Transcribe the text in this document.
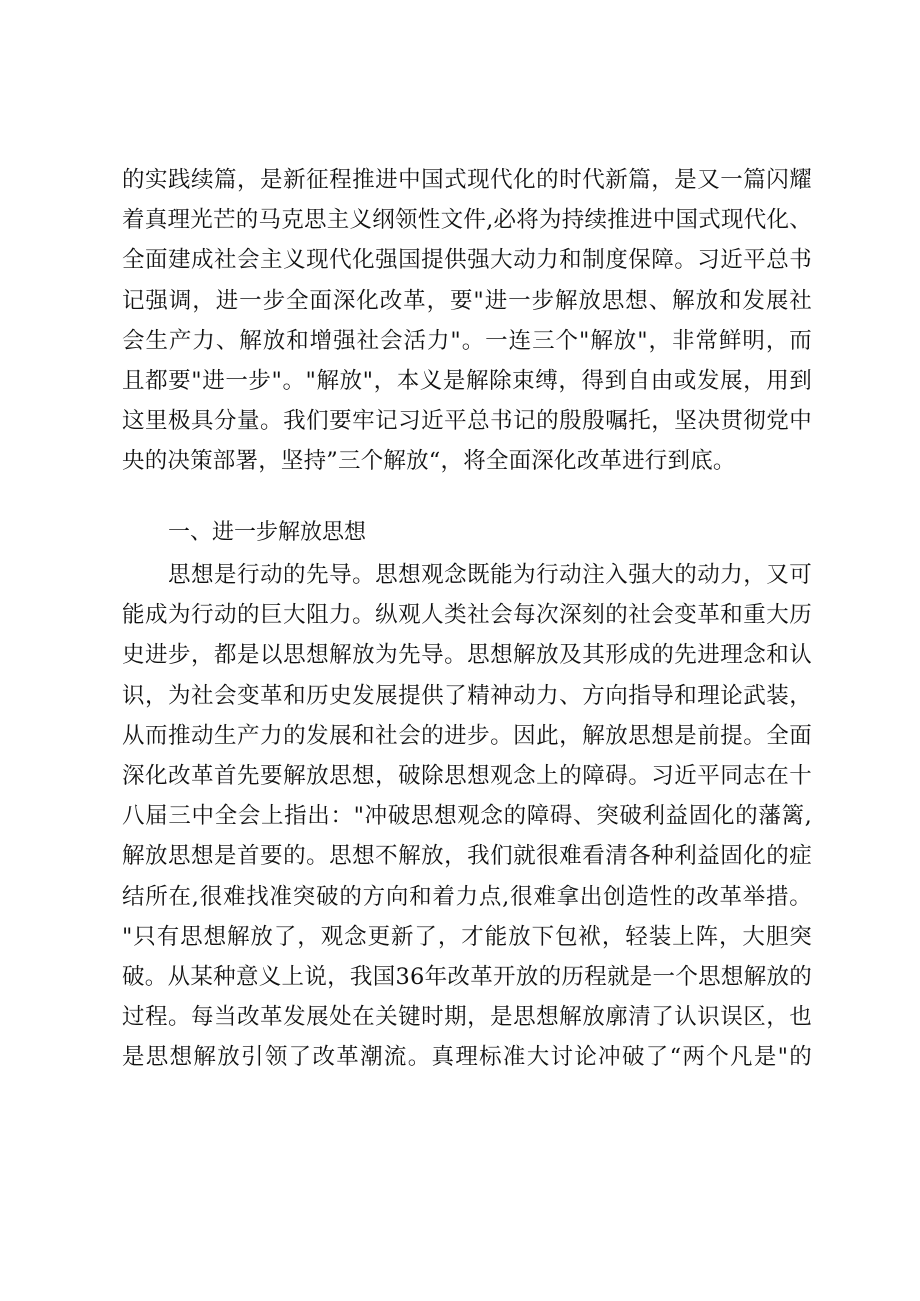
的实践续篇，是新征程推进中国式现代化的时代新篇，是又一篇闪耀
着真理光芒的马克思主义纲领性文件,必将为持续推进中国式现代化、
全面建成社会主义现代化强国提供强大动力和制度保障。习近平总书
记强调，进一步全面深化改革，要"进一步解放思想、解放和发展社
会生产力、解放和增强社会活力"。一连三个"解放"，非常鲜明，而
且都要"进一步"。"解放"，本义是解除束缚，得到自由或发展，用到
这里极具分量。我们要牢记习近平总书记的殷殷嘱托，坚决贯彻党中
央的决策部署，坚持”三个解放“，将全面深化改革进行到底。
一、进一步解放思想
思想是行动的先导。思想观念既能为行动注入强大的动力，又可
能成为行动的巨大阻力。纵观人类社会每次深刻的社会变革和重大历
史进步，都是以思想解放为先导。思想解放及其形成的先进理念和认
识，为社会变革和历史发展提供了精神动力、方向指导和理论武装，
从而推动生产力的发展和社会的进步。因此，解放思想是前提。全面
深化改革首先要解放思想，破除思想观念上的障碍。习近平同志在十
八届三中全会上指出："冲破思想观念的障碍、突破利益固化的藩篱,
解放思想是首要的。思想不解放，我们就很难看清各种利益固化的症
结所在,很难找准突破的方向和着力点,很难拿出创造性的改革举措。
"只有思想解放了，观念更新了，才能放下包袱，轻装上阵，大胆突
破。从某种意义上说，我国36年改革开放的历程就是一个思想解放的
过程。每当改革发展处在关键时期，是思想解放廓清了认识误区，也
是思想解放引领了改革潮流。真理标准大讨论冲破了“两个凡是"的
